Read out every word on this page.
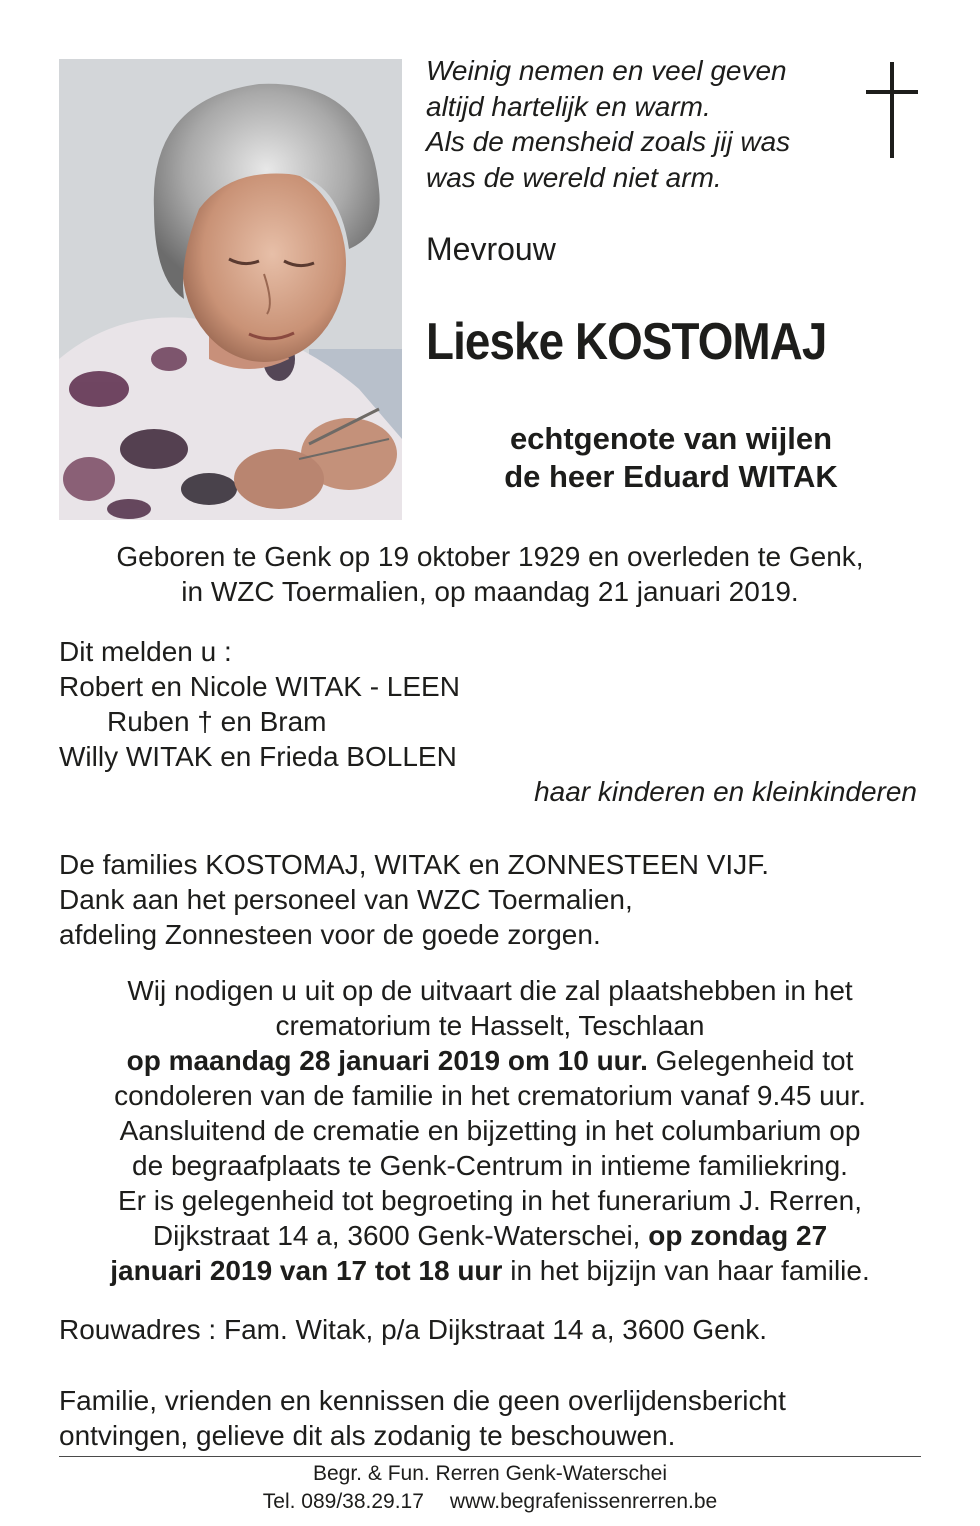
Weinig nemen en veel geven
altijd hartelijk en warm.
Als de mensheid zoals jij was
was de wereld niet arm.
Mevrouw
Lieske KOSTOMAJ
echtgenote van wijlen
de heer Eduard WITAK
Geboren te Genk op 19 oktober 1929 en overleden te Genk,
in WZC Toermalien, op maandag 21 januari 2019.
Dit melden u :
Robert en Nicole WITAK - LEEN
Ruben † en Bram
Willy WITAK en Frieda BOLLEN
haar kinderen en kleinkinderen
De families KOSTOMAJ, WITAK en ZONNESTEEN VIJF.
Dank aan het personeel van WZC Toermalien,
afdeling Zonnesteen voor de goede zorgen.
Wij nodigen u uit op de uitvaart die zal plaatshebben in het
crematorium te Hasselt, Teschlaan
op maandag 28 januari 2019 om 10 uur. Gelegenheid tot
condoleren van de familie in het crematorium vanaf 9.45 uur.
Aansluitend de crematie en bijzetting in het columbarium op
de begraafplaats te Genk-Centrum in intieme familiekring.
Er is gelegenheid tot begroeting in het funerarium J. Rerren,
Dijkstraat 14 a, 3600 Genk-Waterschei, op zondag 27
januari 2019 van 17 tot 18 uur in het bijzijn van haar familie.
Rouwadres : Fam. Witak, p/a Dijkstraat 14 a, 3600 Genk.
Familie, vrienden en kennissen die geen overlijdensbericht
ontvingen, gelieve dit als zodanig te beschouwen.
Begr. & Fun. Rerren Genk-Waterschei
Tel. 089/38.29.17 www.begrafenissenrerren.be
